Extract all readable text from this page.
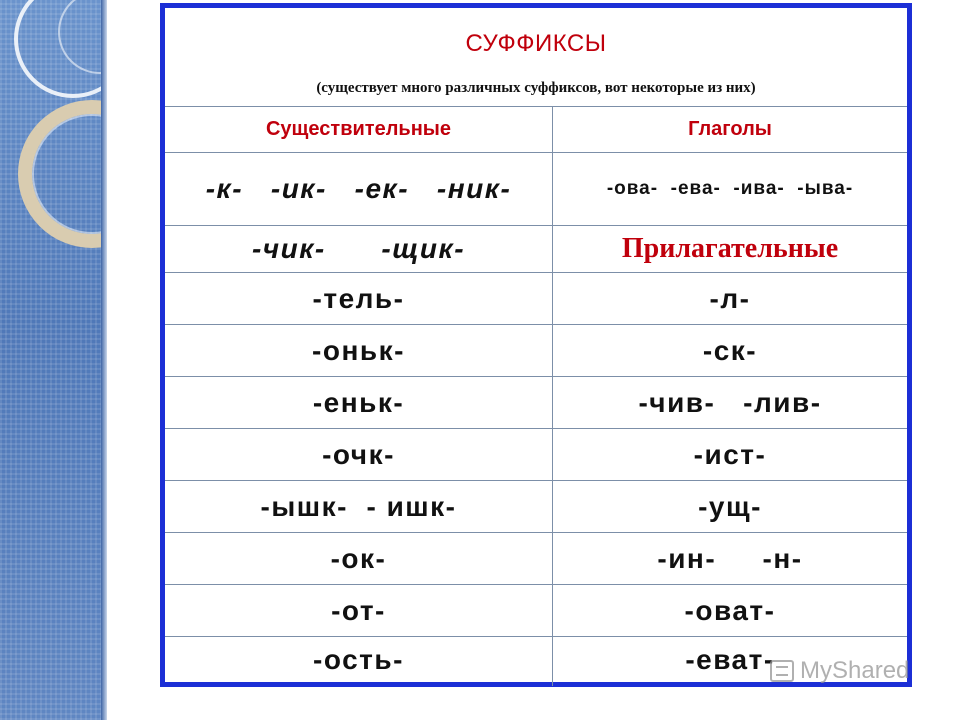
СУФФИКСЫ
(существует много различных суффиксов, вот некоторые из них)
Существительные	Глаголы
-к-   -ик-   -ек-   -ник-	-ова-  -ева-  -ива-  -ыва-
-чик-      -щик-	Прилагательные
-тель-	-л-
-оньк-	-ск-
-еньк-	-чив-   -лив-
-очк-	-ист-
-ышк-  - ишк-	-ущ-
-ок-	-ин-     -н-
-от-	-оват-
-ость-	-еват-	MyShared
